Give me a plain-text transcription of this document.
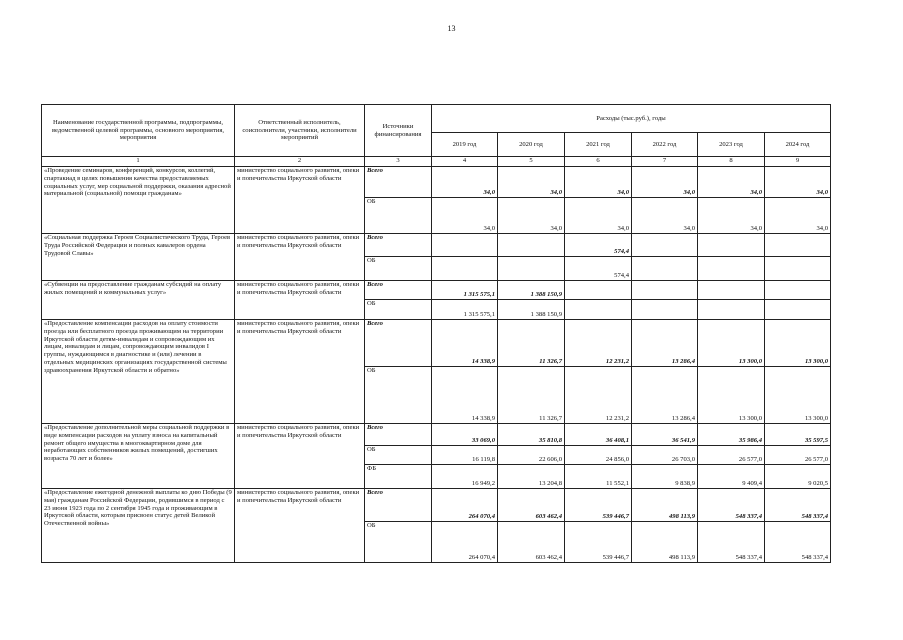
13
Наименование государственной программы, подпрограммы, ведомственной целевой программы, основного мероприятия, мероприятия	Ответственный исполнитель, соисполнители, участники, исполнители мероприятий	Источники финансирования	Расходы (тыс.руб.), годы					
			2019 год	2020 год	2021 год	2022 год	2023 год	2024 год
1	2	3	4	5	6	7	8	9
«Проведение семинаров, конференций, конкурсов, коллегий, спартакиад в целях повышения качества предоставляемых социальных услуг, мер социальной поддержки, оказания адресной материальной (социальной) помощи гражданам»	министерство социального развития, опеки и попечительства Иркутской области	Всего	34,0	34,0	34,0	34,0	34,0	34,0
		ОБ	34,0	34,0	34,0	34,0	34,0	34,0
«Социальная поддержка Героев Социалистического Труда, Героев Труда Российской Федерации и полных кавалеров ордена Трудовой Славы»	министерство социального развития, опеки и попечительства Иркутской области	Всего			574,4			
		ОБ			574,4			
«Субвенции на предоставление гражданам субсидий на оплату жилых помещений и коммунальных услуг»	министерство социального развития, опеки и попечительства Иркутской области	Всего	1 315 575,1	1 388 150,9				
		ОБ	1 315 575,1	1 388 150,9				
«Предоставление компенсации расходов на оплату стоимости проезда или бесплатного проезда проживающим на территории Иркутской области детям-инвалидам и сопровождающим их лицам, инвалидам и лицам, сопровождающим инвалидов I группы, нуждающимся в диагностике и (или) лечении в отдельных медицинских организациях государственной системы здравоохранения Иркутской области и обратно»	министерство социального развития, опеки и попечительства Иркутской области	Всего	14 338,9	11 326,7	12 231,2	13 286,4	13 300,0	13 300,0
		ОБ	14 338,9	11 326,7	12 231,2	13 286,4	13 300,0	13 300,0
«Предоставление дополнительной меры социальной поддержки в виде компенсации расходов на уплату взноса на капитальный ремонт общего имущества в многоквартирном доме для неработающих собственников жилых помещений, достигших возраста 70 лет и более»	министерство социального развития, опеки и попечительства Иркутской области	Всего	33 069,0	35 810,8	36 408,1	36 541,9	35 986,4	35 597,5
		ОБ	16 119,8	22 606,0	24 856,0	26 703,0	26 577,0	26 577,0
		ФБ	16 949,2	13 204,8	11 552,1	9 838,9	9 409,4	9 020,5
«Предоставление ежегодной денежной выплаты ко дню Победы (9 мая) гражданам Российской Федерации, родившимся в период с 23 июня 1923 года по 2 сентября 1945 года и проживающим в Иркутской области, которым присвоен статус детей Великой Отечественной войны»	министерство социального развития, опеки и попечительства Иркутской области	Всего	264 070,4	603 462,4	539 446,7	498 113,9	548 337,4	548 337,4
		ОБ	264 070,4	603 462,4	539 446,7	498 113,9	548 337,4	548 337,4
